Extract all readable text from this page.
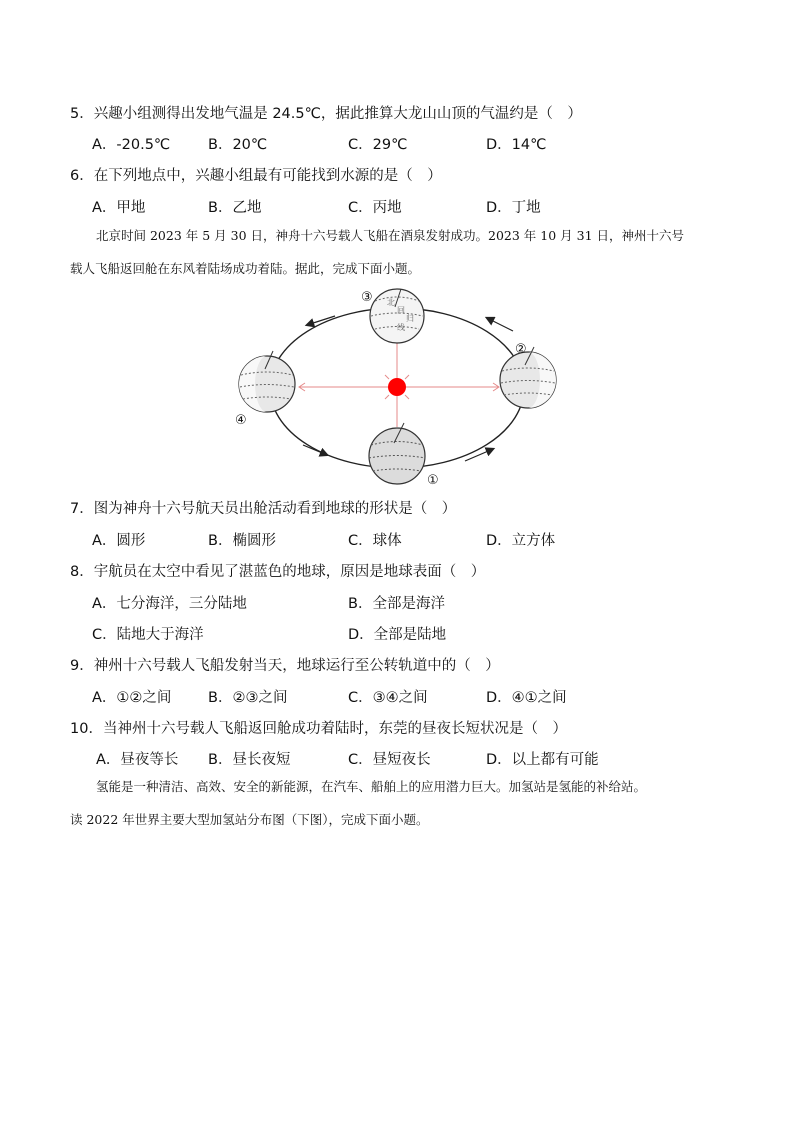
5．兴趣小组测得出发地气温是 24.5℃，据此推算大龙山山顶的气温约是（　）
A．-20.5℃	B．20℃	C．29℃	D．14℃
6．在下列地点中，兴趣小组最有可能找到水源的是（　）
A．甲地	B．乙地	C．丙地	D．丁地
北京时间 2023 年 5 月 30 日，神舟十六号载人飞船在酒泉发射成功。2023 年 10 月 31 日，神州十六号
载人飞船返回舱在东风着陆场成功着陆。据此，完成下面小题。
北
回
归
线
③
②
④
①
7．图为神舟十六号航天员出舱活动看到地球的形状是（　）
A．圆形	B．椭圆形	C．球体	D．立方体
8．宇航员在太空中看见了湛蓝色的地球，原因是地球表面（　）
A．七分海洋，三分陆地	B．全部是海洋
C．陆地大于海洋	D．全部是陆地
9．神州十六号载人飞船发射当天，地球运行至公转轨道中的（　）
A．①②之间	B．②③之间	C．③④之间	D．④①之间
10．当神州十六号载人飞船返回舱成功着陆时，东莞的昼夜长短状况是（　）
A．昼夜等长 B．昼长夜短	C．昼短夜长	D．以上都有可能
氢能是一种清洁、高效、安全的新能源，在汽车、船舶上的应用潜力巨大。加氢站是氢能的补给站。
读 2022 年世界主要大型加氢站分布图（下图），完成下面小题。
